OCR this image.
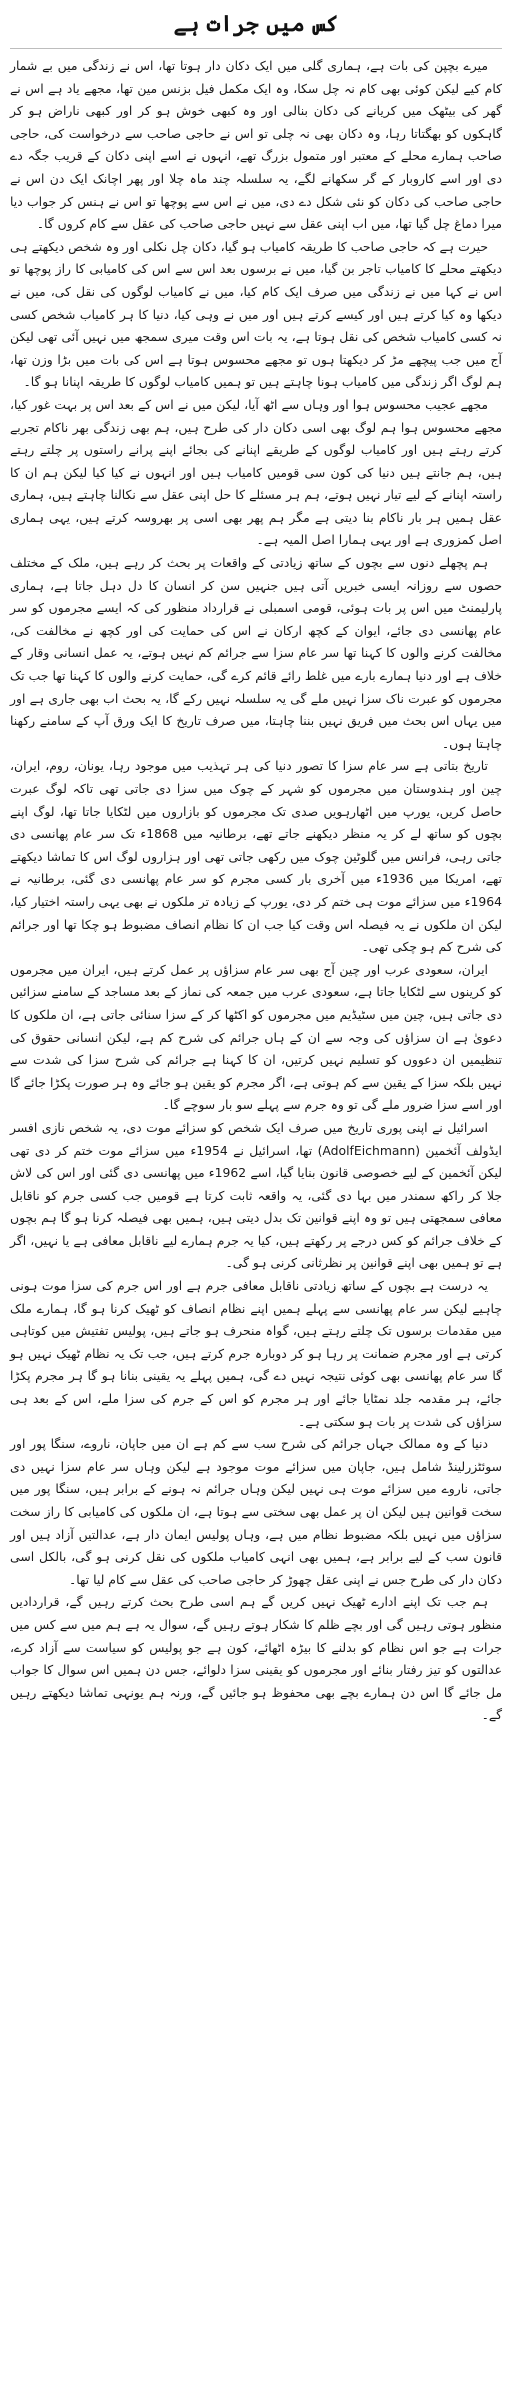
کس میں جرات ہے

میرے بچپن کی بات ہے، ہماری گلی میں ایک دکان دار ہوتا تھا، اس نے زندگی میں بے شمار کام کیے لیکن کوئی بھی کام نہ چل سکا، وہ ایک مکمل فیل بزنس مین تھا، مجھے یاد ہے اس نے گھر کی بیٹھک میں کریانے کی دکان بنالی اور وہ کبھی خوش ہو کر اور کبھی ناراض ہو کر گاہکوں کو بھگتاتا رہا، وہ دکان بھی نہ چلی تو اس نے حاجی صاحب سے درخواست کی، حاجی صاحب ہمارے محلے کے معتبر اور متمول بزرگ تھے، انہوں نے اسے اپنی دکان کے قریب جگہ دے دی اور اسے کاروبار کے گر سکھانے لگے، یہ سلسلہ چند ماہ چلا اور پھر اچانک ایک دن اس نے حاجی صاحب کی دکان کو نئی شکل دے دی، میں نے اس سے پوچھا تو اس نے ہنس کر جواب دیا میرا دماغ چل گیا تھا، میں اب اپنی عقل سے نہیں حاجی صاحب کی عقل سے کام کروں گا۔

حیرت ہے کہ حاجی صاحب کا طریقہ کامیاب ہو گیا، دکان چل نکلی اور وہ شخص دیکھتے ہی دیکھتے محلے کا کامیاب تاجر بن گیا، میں نے برسوں بعد اس سے اس کی کامیابی کا راز پوچھا تو اس نے کہا میں نے زندگی میں صرف ایک کام کیا، میں نے کامیاب لوگوں کی نقل کی، میں نے دیکھا وہ کیا کرتے ہیں اور کیسے کرتے ہیں اور میں نے وہی کیا، دنیا کا ہر کامیاب شخص کسی نہ کسی کامیاب شخص کی نقل ہوتا ہے، یہ بات اس وقت میری سمجھ میں نہیں آئی تھی لیکن آج میں جب پیچھے مڑ کر دیکھتا ہوں تو مجھے محسوس ہوتا ہے اس کی بات میں بڑا وزن تھا، ہم لوگ اگر زندگی میں کامیاب ہونا چاہتے ہیں تو ہمیں کامیاب لوگوں کا طریقہ اپنانا ہو گا۔

مجھے عجیب محسوس ہوا اور وہاں سے اٹھ آیا، لیکن میں نے اس کے بعد اس پر بہت غور کیا، مجھے محسوس ہوا ہم لوگ بھی اسی دکان دار کی طرح ہیں، ہم بھی زندگی بھر ناکام تجربے کرتے رہتے ہیں اور کامیاب لوگوں کے طریقے اپنانے کی بجائے اپنے پرانے راستوں پر چلتے رہتے ہیں، ہم جانتے ہیں دنیا کی کون سی قومیں کامیاب ہیں اور انہوں نے کیا کیا لیکن ہم ان کا راستہ اپنانے کے لیے تیار نہیں ہوتے، ہم ہر مسئلے کا حل اپنی عقل سے نکالنا چاہتے ہیں، ہماری عقل ہمیں ہر بار ناکام بنا دیتی ہے مگر ہم پھر بھی اسی پر بھروسہ کرتے ہیں، یہی ہماری اصل کمزوری ہے اور یہی ہمارا اصل المیہ ہے۔

ہم پچھلے دنوں سے بچوں کے ساتھ زیادتی کے واقعات پر بحث کر رہے ہیں، ملک کے مختلف حصوں سے روزانہ ایسی خبریں آتی ہیں جنہیں سن کر انسان کا دل دہل جاتا ہے، ہماری پارلیمنٹ میں اس پر بات ہوئی، قومی اسمبلی نے قرارداد منظور کی کہ ایسے مجرموں کو سر عام پھانسی دی جائے، ایوان کے کچھ ارکان نے اس کی حمایت کی اور کچھ نے مخالفت کی، مخالفت کرنے والوں کا کہنا تھا سر عام سزا سے جرائم کم نہیں ہوتے، یہ عمل انسانی وقار کے خلاف ہے اور دنیا ہمارے بارے میں غلط رائے قائم کرے گی، حمایت کرنے والوں کا کہنا تھا جب تک مجرموں کو عبرت ناک سزا نہیں ملے گی یہ سلسلہ نہیں رکے گا، یہ بحث اب بھی جاری ہے اور میں یہاں اس بحث میں فریق نہیں بننا چاہتا، میں صرف تاریخ کا ایک ورق آپ کے سامنے رکھنا چاہتا ہوں۔

تاریخ بتاتی ہے سر عام سزا کا تصور دنیا کی ہر تہذیب میں موجود رہا، یونان، روم، ایران، چین اور ہندوستان میں مجرموں کو شہر کے چوک میں سزا دی جاتی تھی تاکہ لوگ عبرت حاصل کریں، یورپ میں اٹھارہویں صدی تک مجرموں کو بازاروں میں لٹکایا جاتا تھا، لوگ اپنے بچوں کو ساتھ لے کر یہ منظر دیکھنے جاتے تھے، برطانیہ میں 1868ء تک سر عام پھانسی دی جاتی رہی، فرانس میں گلوٹین چوک میں رکھی جاتی تھی اور ہزاروں لوگ اس کا تماشا دیکھتے تھے، امریکا میں 1936ء میں آخری بار کسی مجرم کو سر عام پھانسی دی گئی، برطانیہ نے 1964ء میں سزائے موت ہی ختم کر دی، یورپ کے زیادہ تر ملکوں نے بھی یہی راستہ اختیار کیا، لیکن ان ملکوں نے یہ فیصلہ اس وقت کیا جب ان کا نظام انصاف مضبوط ہو چکا تھا اور جرائم کی شرح کم ہو چکی تھی۔

ایران، سعودی عرب اور چین آج بھی سر عام سزاؤں پر عمل کرتے ہیں، ایران میں مجرموں کو کرینوں سے لٹکایا جاتا ہے، سعودی عرب میں جمعہ کی نماز کے بعد مساجد کے سامنے سزائیں دی جاتی ہیں، چین میں سٹیڈیم میں مجرموں کو اکٹھا کر کے سزا سنائی جاتی ہے، ان ملکوں کا دعویٰ ہے ان سزاؤں کی وجہ سے ان کے ہاں جرائم کی شرح کم ہے، لیکن انسانی حقوق کی تنظیمیں ان دعووں کو تسلیم نہیں کرتیں، ان کا کہنا ہے جرائم کی شرح سزا کی شدت سے نہیں بلکہ سزا کے یقین سے کم ہوتی ہے، اگر مجرم کو یقین ہو جائے وہ ہر صورت پکڑا جائے گا اور اسے سزا ضرور ملے گی تو وہ جرم سے پہلے سو بار سوچے گا۔

اسرائیل نے اپنی پوری تاریخ میں صرف ایک شخص کو سزائے موت دی، یہ شخص نازی افسر ایڈولف آئخمین (AdolfEichmann) تھا، اسرائیل نے 1954ء میں سزائے موت ختم کر دی تھی لیکن آئخمین کے لیے خصوصی قانون بنایا گیا، اسے 1962ء میں پھانسی دی گئی اور اس کی لاش جلا کر راکھ سمندر میں بہا دی گئی، یہ واقعہ ثابت کرتا ہے قومیں جب کسی جرم کو ناقابل معافی سمجھتی ہیں تو وہ اپنے قوانین تک بدل دیتی ہیں، ہمیں بھی فیصلہ کرنا ہو گا ہم بچوں کے خلاف جرائم کو کس درجے پر رکھتے ہیں، کیا یہ جرم ہمارے لیے ناقابل معافی ہے یا نہیں، اگر ہے تو ہمیں بھی اپنے قوانین پر نظرثانی کرنی ہو گی۔

یہ درست ہے بچوں کے ساتھ زیادتی ناقابل معافی جرم ہے اور اس جرم کی سزا موت ہونی چاہیے لیکن سر عام پھانسی سے پہلے ہمیں اپنے نظام انصاف کو ٹھیک کرنا ہو گا، ہمارے ملک میں مقدمات برسوں تک چلتے رہتے ہیں، گواہ منحرف ہو جاتے ہیں، پولیس تفتیش میں کوتاہی کرتی ہے اور مجرم ضمانت پر رہا ہو کر دوبارہ جرم کرتے ہیں، جب تک یہ نظام ٹھیک نہیں ہو گا سر عام پھانسی بھی کوئی نتیجہ نہیں دے گی، ہمیں پہلے یہ یقینی بنانا ہو گا ہر مجرم پکڑا جائے، ہر مقدمہ جلد نمٹایا جائے اور ہر مجرم کو اس کے جرم کی سزا ملے، اس کے بعد ہی سزاؤں کی شدت پر بات ہو سکتی ہے۔

دنیا کے وہ ممالک جہاں جرائم کی شرح سب سے کم ہے ان میں جاپان، ناروے، سنگا پور اور سوئٹزرلینڈ شامل ہیں، جاپان میں سزائے موت موجود ہے لیکن وہاں سر عام سزا نہیں دی جاتی، ناروے میں سزائے موت ہی نہیں لیکن وہاں جرائم نہ ہونے کے برابر ہیں، سنگا پور میں سخت قوانین ہیں لیکن ان پر عمل بھی سختی سے ہوتا ہے، ان ملکوں کی کامیابی کا راز سخت سزاؤں میں نہیں بلکہ مضبوط نظام میں ہے، وہاں پولیس ایمان دار ہے، عدالتیں آزاد ہیں اور قانون سب کے لیے برابر ہے، ہمیں بھی انہی کامیاب ملکوں کی نقل کرنی ہو گی، بالکل اسی دکان دار کی طرح جس نے اپنی عقل چھوڑ کر حاجی صاحب کی عقل سے کام لیا تھا۔

ہم جب تک اپنے ادارے ٹھیک نہیں کریں گے ہم اسی طرح بحث کرتے رہیں گے، قراردادیں منظور ہوتی رہیں گی اور بچے ظلم کا شکار ہوتے رہیں گے، سوال یہ ہے ہم میں سے کس میں جرات ہے جو اس نظام کو بدلنے کا بیڑہ اٹھائے، کون ہے جو پولیس کو سیاست سے آزاد کرے، عدالتوں کو تیز رفتار بنائے اور مجرموں کو یقینی سزا دلوائے، جس دن ہمیں اس سوال کا جواب مل جائے گا اس دن ہمارے بچے بھی محفوظ ہو جائیں گے، ورنہ ہم یونہی تماشا دیکھتے رہیں گے۔
